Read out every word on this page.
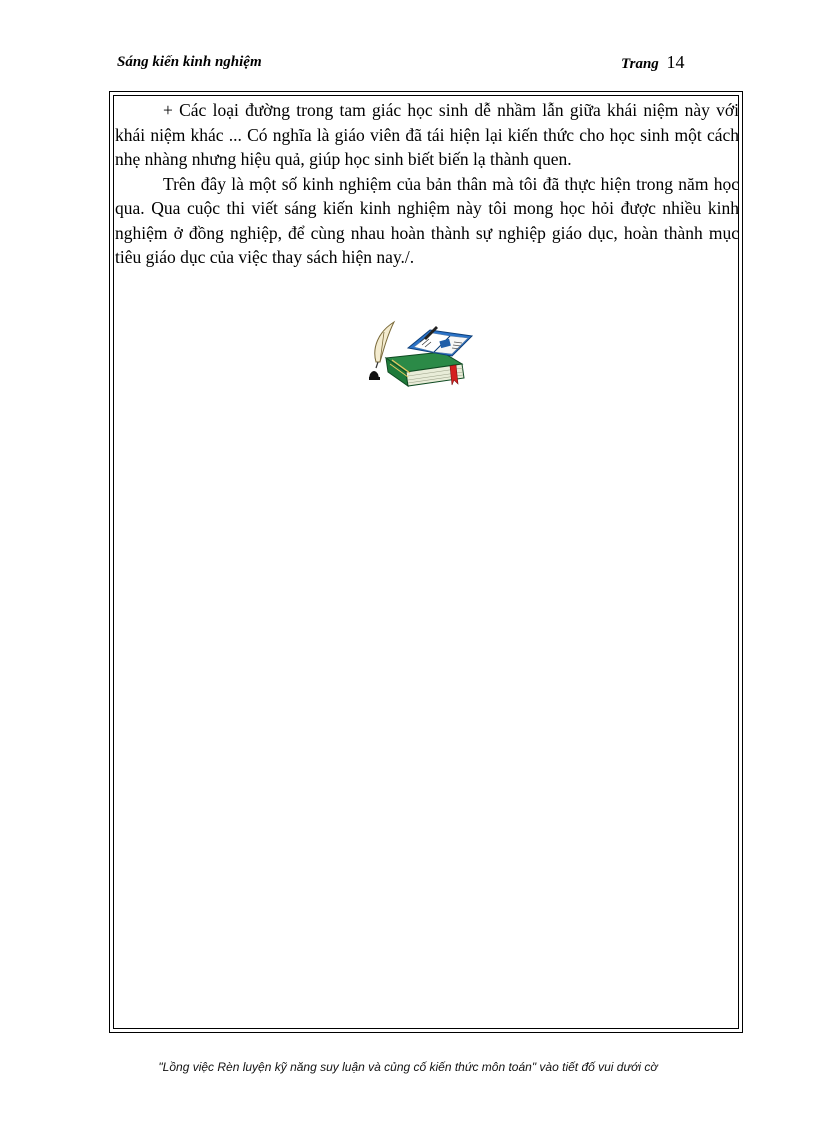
Sáng kiến kinh nghiệm	Trang 14

+ Các loại đường trong tam giác học sinh dễ nhầm lẫn giữa khái niệm này với khái niệm khác ... Có nghĩa là giáo viên đã tái hiện lại kiến thức cho học sinh một cách nhẹ nhàng nhưng hiệu quả, giúp học sinh biết biến lạ thành quen.

Trên đây là một số kinh nghiệm của bản thân mà tôi đã thực hiện trong năm học qua. Qua cuộc thi viết sáng kiến kinh nghiệm này tôi mong học hỏi được nhiều kinh nghiệm ở đồng nghiệp, để cùng nhau hoàn thành sự nghiệp giáo dục, hoàn thành mục tiêu giáo dục của việc thay sách hiện nay./.

"Lồng việc Rèn luyện kỹ năng suy luận và củng cố kiến thức môn toán" vào tiết đố vui dưới cờ
